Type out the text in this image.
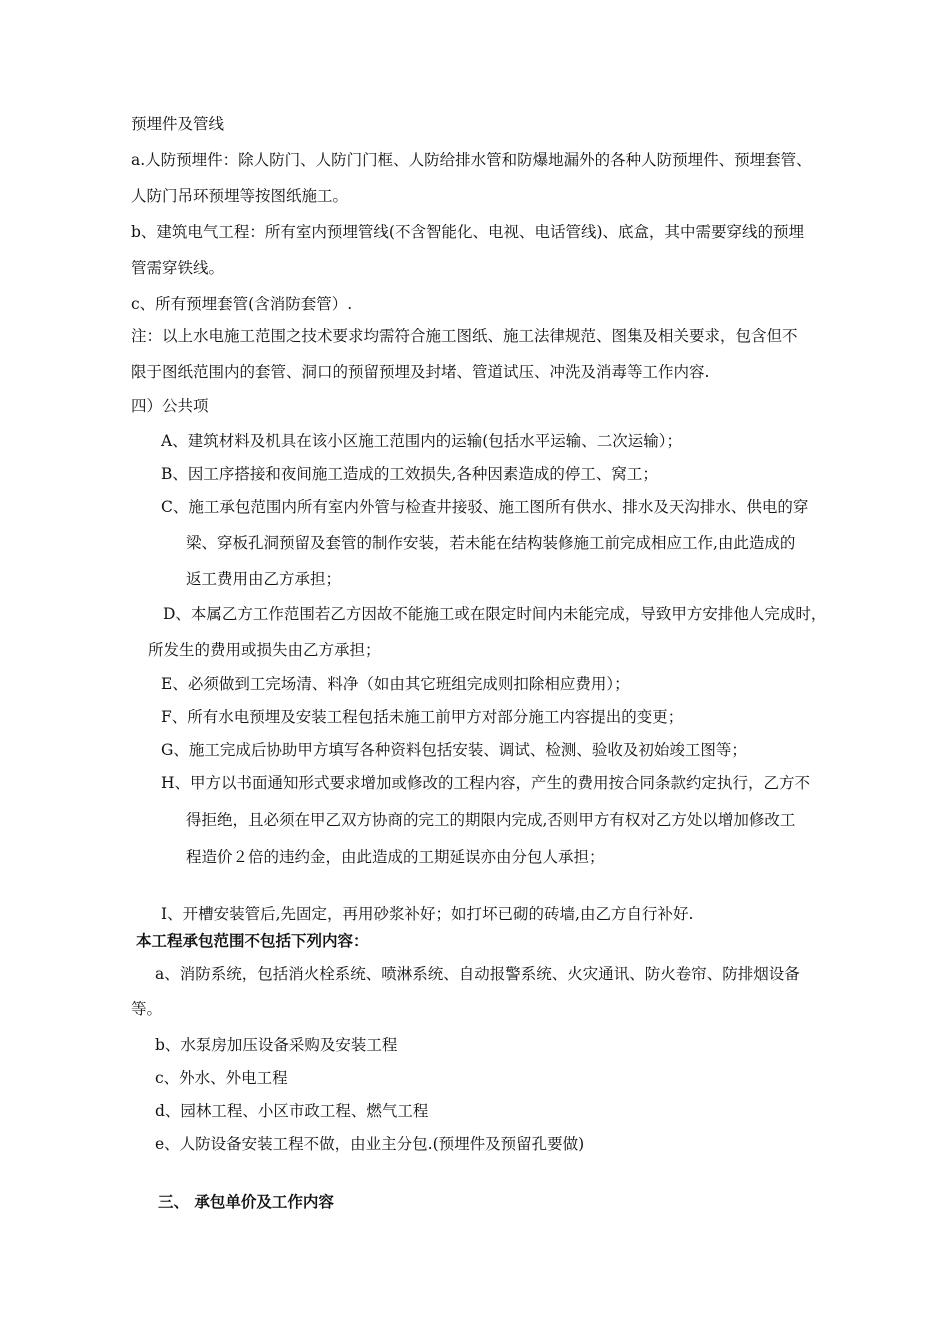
预埋件及管线
a.人防预埋件：除人防门、人防门门框、人防给排水管和防爆地漏外的各种人防预埋件、预埋套管、
人防门吊环预埋等按图纸施工。
b、建筑电气工程：所有室内预埋管线(不含智能化、电视、电话管线)、底盒，其中需要穿线的预埋
管需穿铁线。
c、所有预埋套管(含消防套管）.
注：以上水电施工范围之技术要求均需符合施工图纸、施工法律规范、图集及相关要求，包含但不
限于图纸范围内的套管、洞口的预留预埋及封堵、管道试压、冲洗及消毒等工作内容.
四）公共项
A、建筑材料及机具在该小区施工范围内的运输(包括水平运输、二次运输）；
B、因工序搭接和夜间施工造成的工效损失,各种因素造成的停工、窝工；
C、施工承包范围内所有室内外管与检查井接驳、施工图所有供水、排水及天沟排水、供电的穿
梁、穿板孔洞预留及套管的制作安装，若未能在结构装修施工前完成相应工作,由此造成的
返工费用由乙方承担；
D、本属乙方工作范围若乙方因故不能施工或在限定时间内未能完成，导致甲方安排他人完成时，
所发生的费用或损失由乙方承担；
E、必须做到工完场清、料净（如由其它班组完成则扣除相应费用）；
F、所有水电预埋及安装工程包括未施工前甲方对部分施工内容提出的变更；
G、施工完成后协助甲方填写各种资料包括安装、调试、检测、验收及初始竣工图等；
H、甲方以书面通知形式要求增加或修改的工程内容，产生的费用按合同条款约定执行，乙方不
得拒绝，且必须在甲乙双方协商的完工的期限内完成,否则甲方有权对乙方处以增加修改工
程造价２倍的违约金，由此造成的工期延误亦由分包人承担；
I、开槽安装管后,先固定，再用砂浆补好；如打坏已砌的砖墙,由乙方自行补好.
本工程承包范围不包括下列内容：
a、消防系统，包括消火栓系统、喷淋系统、自动报警系统、火灾通讯、防火卷帘、防排烟设备
等。
b、水泵房加压设备采购及安装工程
c、外水、外电工程
d、园林工程、小区市政工程、燃气工程
e、人防设备安装工程不做，由业主分包.(预埋件及预留孔要做)
三、 承包单价及工作内容
